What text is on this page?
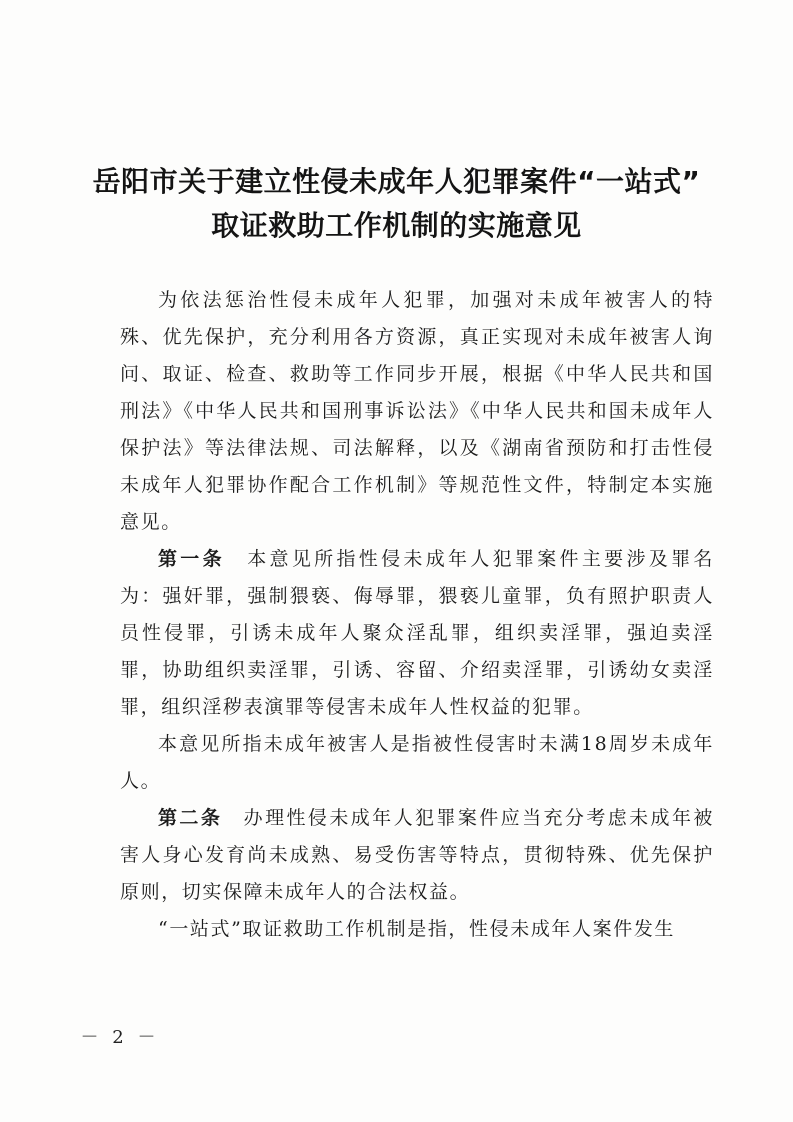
岳阳市关于建立性侵未成年人犯罪案件“一站式”
取证救助工作机制的实施意见

为依法惩治性侵未成年人犯罪，加强对未成年被害人的特殊、优先保护，充分利用各方资源，真正实现对未成年被害人询问、取证、检查、救助等工作同步开展，根据《中华人民共和国刑法》《中华人民共和国刑事诉讼法》《中华人民共和国未成年人保护法》等法律法规、司法解释，以及《湖南省预防和打击性侵未成年人犯罪协作配合工作机制》等规范性文件，特制定本实施意见。

第一条　 本意见所指性侵未成年人犯罪案件主要涉及罪名为：强奸罪，强制猥亵、侮辱罪，猥亵儿童罪，负有照护职责人员性侵罪，引诱未成年人聚众淫乱罪，组织卖淫罪，强迫卖淫罪，协助组织卖淫罪，引诱、容留、介绍卖淫罪，引诱幼女卖淫罪，组织淫秽表演罪等侵害未成年人性权益的犯罪。

本意见所指未成年被害人是指被性侵害时未满18周岁未成年人。

第二条　 办理性侵未成年人犯罪案件应当充分考虑未成年被害人身心发育尚未成熟、易受伤害等特点，贯彻特殊、优先保护原则，切实保障未成年人的合法权益。

“一站式”取证救助工作机制是指，性侵未成年人案件发生

－ 2 －
